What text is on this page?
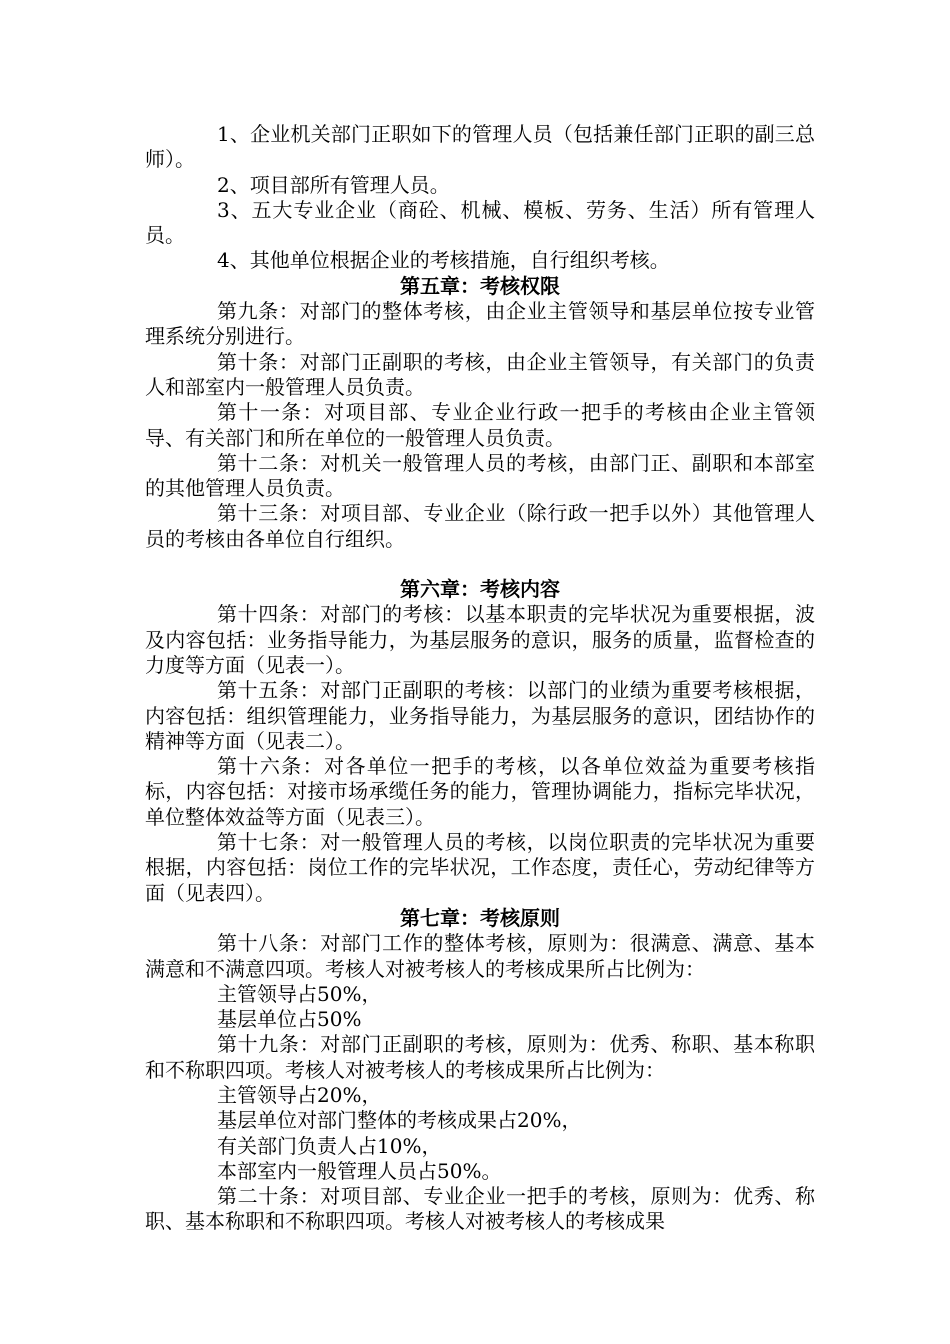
1、企业机关部门正职如下的管理人员（包括兼任部门正职的副三总师）。

2、项目部所有管理人员。

3、五大专业企业（商砼、机械、模板、劳务、生活）所有管理人员。

4、其他单位根据企业的考核措施，自行组织考核。

第五章：考核权限

第九条：对部门的整体考核，由企业主管领导和基层单位按专业管理系统分别进行。

第十条：对部门正副职的考核，由企业主管领导，有关部门的负责人和部室内一般管理人员负责。

第十一条：对项目部、专业企业行政一把手的考核由企业主管领导、有关部门和所在单位的一般管理人员负责。

第十二条：对机关一般管理人员的考核，由部门正、副职和本部室的其他管理人员负责。

第十三条：对项目部、专业企业（除行政一把手以外）其他管理人员的考核由各单位自行组织。

第六章：考核内容

第十四条：对部门的考核：以基本职责的完毕状况为重要根据，波及内容包括：业务指导能力，为基层服务的意识，服务的质量，监督检查的力度等方面（见表一）。

第十五条：对部门正副职的考核：以部门的业绩为重要考核根据，内容包括：组织管理能力，业务指导能力，为基层服务的意识，团结协作的精神等方面（见表二）。

第十六条：对各单位一把手的考核，以各单位效益为重要考核指标，内容包括：对接市场承缆任务的能力，管理协调能力，指标完毕状况，单位整体效益等方面（见表三）。

第十七条：对一般管理人员的考核，以岗位职责的完毕状况为重要根据，内容包括：岗位工作的完毕状况，工作态度，责任心，劳动纪律等方面（见表四）。

第七章：考核原则

第十八条：对部门工作的整体考核，原则为：很满意、满意、基本满意和不满意四项。考核人对被考核人的考核成果所占比例为：

主管领导占50%，

基层单位占50%

第十九条：对部门正副职的考核，原则为：优秀、称职、基本称职和不称职四项。考核人对被考核人的考核成果所占比例为：

主管领导占20%，

基层单位对部门整体的考核成果占20%，

有关部门负责人占10%，

本部室内一般管理人员占50%。

第二十条：对项目部、专业企业一把手的考核，原则为：优秀、称职、基本称职和不称职四项。考核人对被考核人的考核成果
